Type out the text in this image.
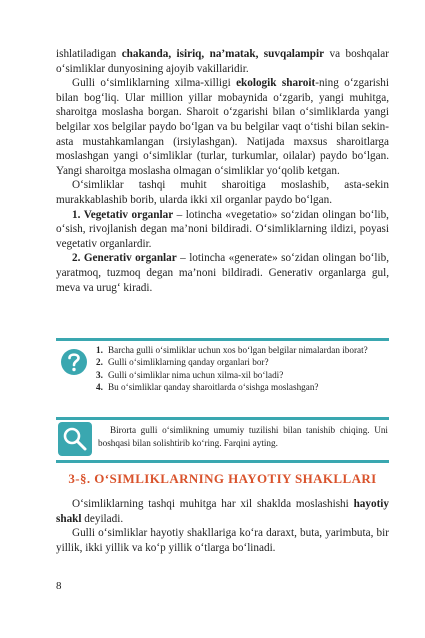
ishlatiladigan chakanda, isiriq, na’matak, suvqalampir va boshqalar o‘simliklar dunyosining ajoyib vakillaridir.

Gulli o‘simliklarning xilma-xilligi ekologik sharoit-ning o‘zgarishi bilan bog‘liq. Ular million yillar mobaynida o‘zgarib, yangi muhitga, sharoitga moslasha borgan. Sharoit o‘zgarishi bilan o‘simliklarda yangi belgilar xos belgilar paydo bo‘lgan va bu belgilar vaqt o‘tishi bilan sekin-asta mustahkamlangan (irsiylashgan). Natijada maxsus sharoitlarga moslashgan yangi o‘simliklar (turlar, turkumlar, oilalar) paydo bo‘lgan. Yangi sharoitga moslasha olmagan o‘simliklar yo‘qolib ketgan.

O‘simliklar tashqi muhit sharoitiga moslashib, asta-sekin murakkablashib borib, ularda ikki xil organlar paydo bo‘lgan.

1. Vegetativ organlar – lotincha «vegetatio» so‘zidan olingan bo‘lib, o‘sish, rivojlanish degan ma’noni bildiradi. O‘simliklarning ildizi, poyasi vegetativ organlardir.

2. Generativ organlar – lotincha «generate» so‘zidan olingan bo‘lib, yaratmoq, tuzmoq degan ma’noni bildiradi. Generativ organlarga gul, meva va urug‘ kiradi.

1. Barcha gulli o‘simliklar uchun xos bo‘lgan belgilar nimalardan iborat?
2. Gulli o‘simliklarning qanday organlari bor?
3. Gulli o‘simliklar nima uchun xilma-xil bo‘ladi?
4. Bu o‘simliklar qanday sharoitlarda o‘sishga moslashgan?
Birorta gulli o‘simlikning umumiy tuzilishi bilan tanishib chiqing. Uni boshqasi bilan solishtirib ko‘ring. Farqini ayting.
3-§. O‘SIMLIKLARNING HAYOTIY SHAKLLARI

O‘simliklarning tashqi muhitga har xil shaklda moslashishi hayotiy shakl deyiladi.

Gulli o‘simliklar hayotiy shakllariga ko‘ra daraxt, buta, yarimbuta, bir yillik, ikki yillik va ko‘p yillik o‘tlarga bo‘linadi.

8
